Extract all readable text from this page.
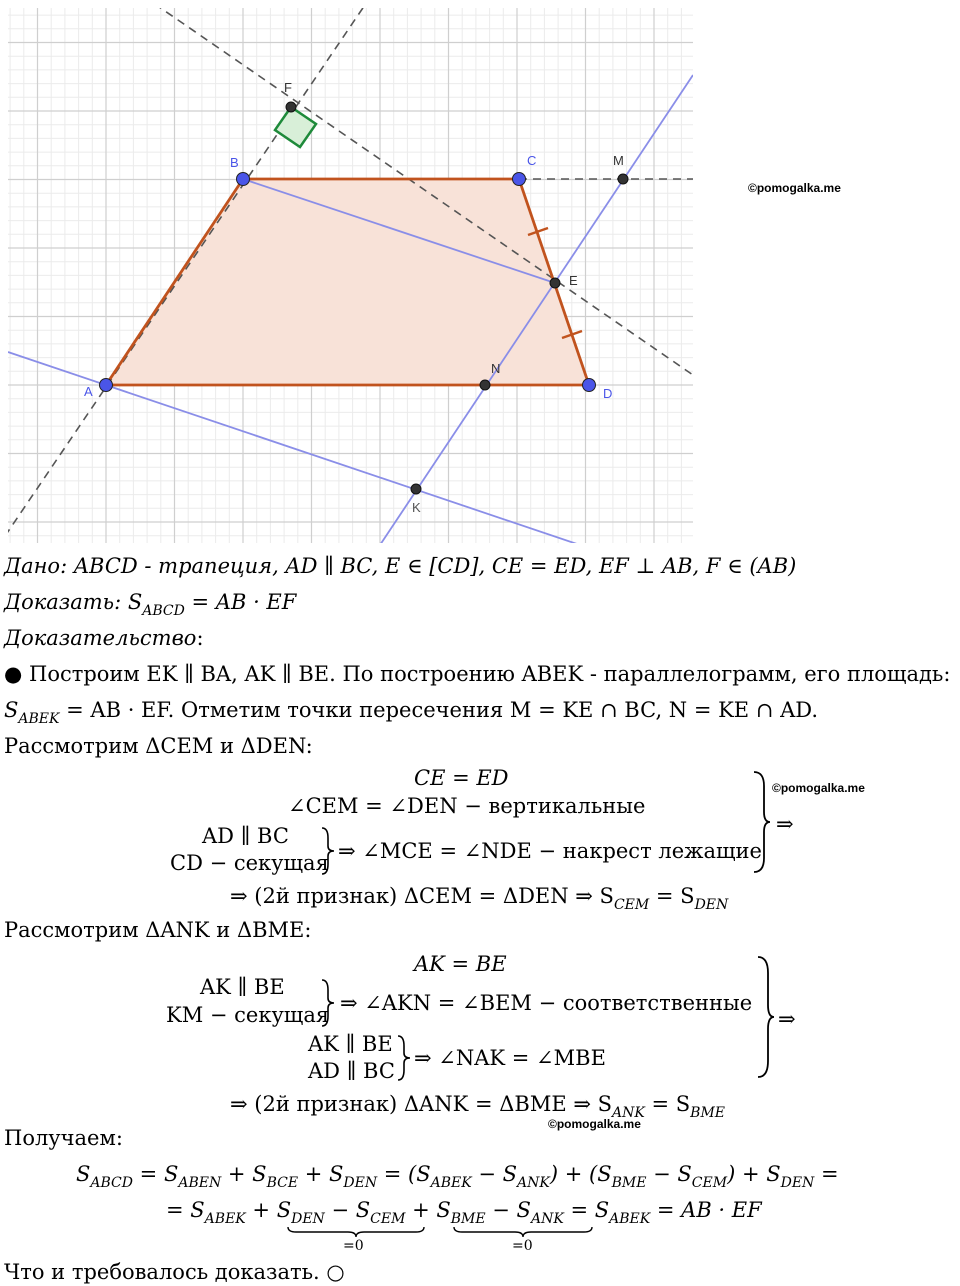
A
B	C
D
E
F
M
N
K
©pomogalka.me
Дано: ABCD - трапеция, AD ∥ BC, E ∈ [CD], CE = ED, EF ⊥ AB, F ∈ (AB)
Доказать: $S_{ABCD}$ = AB · EF
Доказательство:
● Построим EK ∥ BA, AK ∥ BE. По построению ABEK - параллелограмм, его площадь:
$S_{ABEK}$ = AB · EF. Отметим точки пересечения M = KE ∩ BC, N = KE ∩ AD.
Рассмотрим ΔCEM и ΔDEN:
CE = ED
∠CEM = ∠DEN − вертикальные
AD ∥ BC
CD − секущая ⇒ ∠MCE = ∠NDE − накрест лежащие
©pomogalka.me
⇒
⇒ (2й признак) ΔCEM = ΔDEN ⇒ $S_{CEM} = S_{DEN}$
Рассмотрим ΔANK и ΔBME:
AK = BE
AK ∥ BE
KM − секущая ⇒ ∠AKN = ∠BEM − соответственные
AK ∥ BE
AD ∥ BC
⇒ ∠NAK = ∠MBE
⇒
⇒ (2й признак) ΔANK = ΔBME ⇒ $S_{ANK} = S_{BME}$
©pomogalka.me
Получаем:
$S_{ABCD} = S_{ABEN} + S_{BCE} + S_{DEN} = (S_{ABEK} - S_{ANK}) + (S_{BME} - S_{CEM}) + S_{DEN}$ =
= $S_{ABEK} + S_{DEN} - S_{CEM} + S_{BME} - S_{ANK} = S_{ABEK}$ = AB · EF
=0	=0
Что и требовалось доказать. ○
